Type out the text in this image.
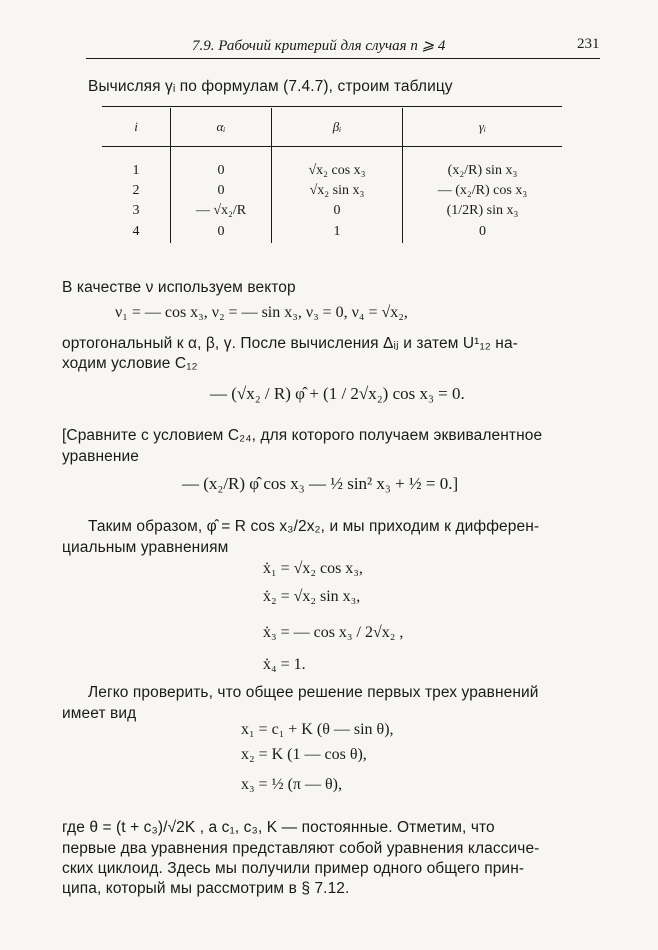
7.9. Рабочий критерий для случая n ⩾ 4	231
Вычисляя γᵢ по формулам (7.4.7), строим таблицу
i	αᵢ	βᵢ	γᵢ

1	0	√x₂ cos x₃	(x₂/R) sin x₃
2	0	√x₂ sin x₃	— (x₂/R) cos x₃
3	— √x₂/R	0	(1/2R) sin x₃
4	0	1	0
В качестве ν используем вектор
ν₁ = — cos x₃, ν₂ = — sin x₃, ν₃ = 0, ν₄ = √x₂,
ортогональный к α, β, γ. После вычисления Δᵢⱼ и затем U¹₁₂ на-
ходим условие C₁₂
— (√x₂ / R) φ̂ + (1 / 2√x₂) cos x₃ = 0.
[Сравните с условием C₂₄, для которого получаем эквивалентное
уравнение
— (x₂/R) φ̂ cos x₃ — ½ sin² x₃ + ½ = 0.]
Таким образом, φ̂ = R cos x₃/2x₂, и мы приходим к дифферен-
циальным уравнениям
ẋ₁ = √x₂ cos x₃,
ẋ₂ = √x₂ sin x₃,
ẋ₃ = — cos x₃ / 2√x₂ ,
ẋ₄ = 1.
Легко проверить, что общее решение первых трех уравнений
имеет вид
x₁ = c₁ + K (θ — sin θ),
x₂ = K (1 — cos θ),
x₃ = ½ (π — θ),
где θ = (t + c₃)/√2K , а c₁, c₃, K — постоянные. Отметим, что
первые два уравнения представляют собой уравнения классиче-
ских циклоид. Здесь мы получили пример одного общего прин-
ципа, который мы рассмотрим в § 7.12.
